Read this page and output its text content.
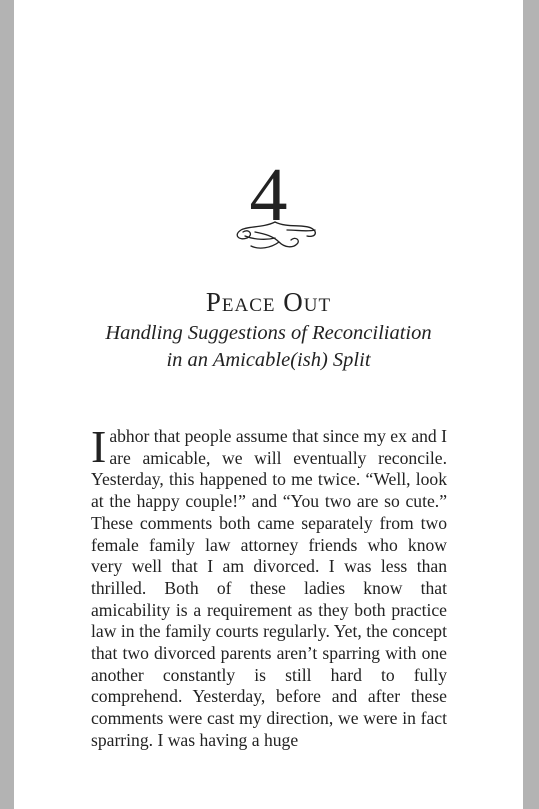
4
Peace Out
Handling Suggestions of Reconciliation
in an Amicable(ish) Split

Iabhor that people assume that since my ex and I are amicable, we will eventually reconcile. Yesterday, this happened to me twice. “Well, look at the happy couple!” and “You two are so cute.” These comments both came separately from two female family law attorney friends who know very well that I am divorced. I was less than thrilled. Both of these ladies know that amicability is a requirement as they both practice law in the family courts regularly. Yet, the concept that two divorced parents aren’t sparring with one another constantly is still hard to fully comprehend. Yesterday, before and after these comments were cast my direction, we were in fact sparring. I was having a huge
